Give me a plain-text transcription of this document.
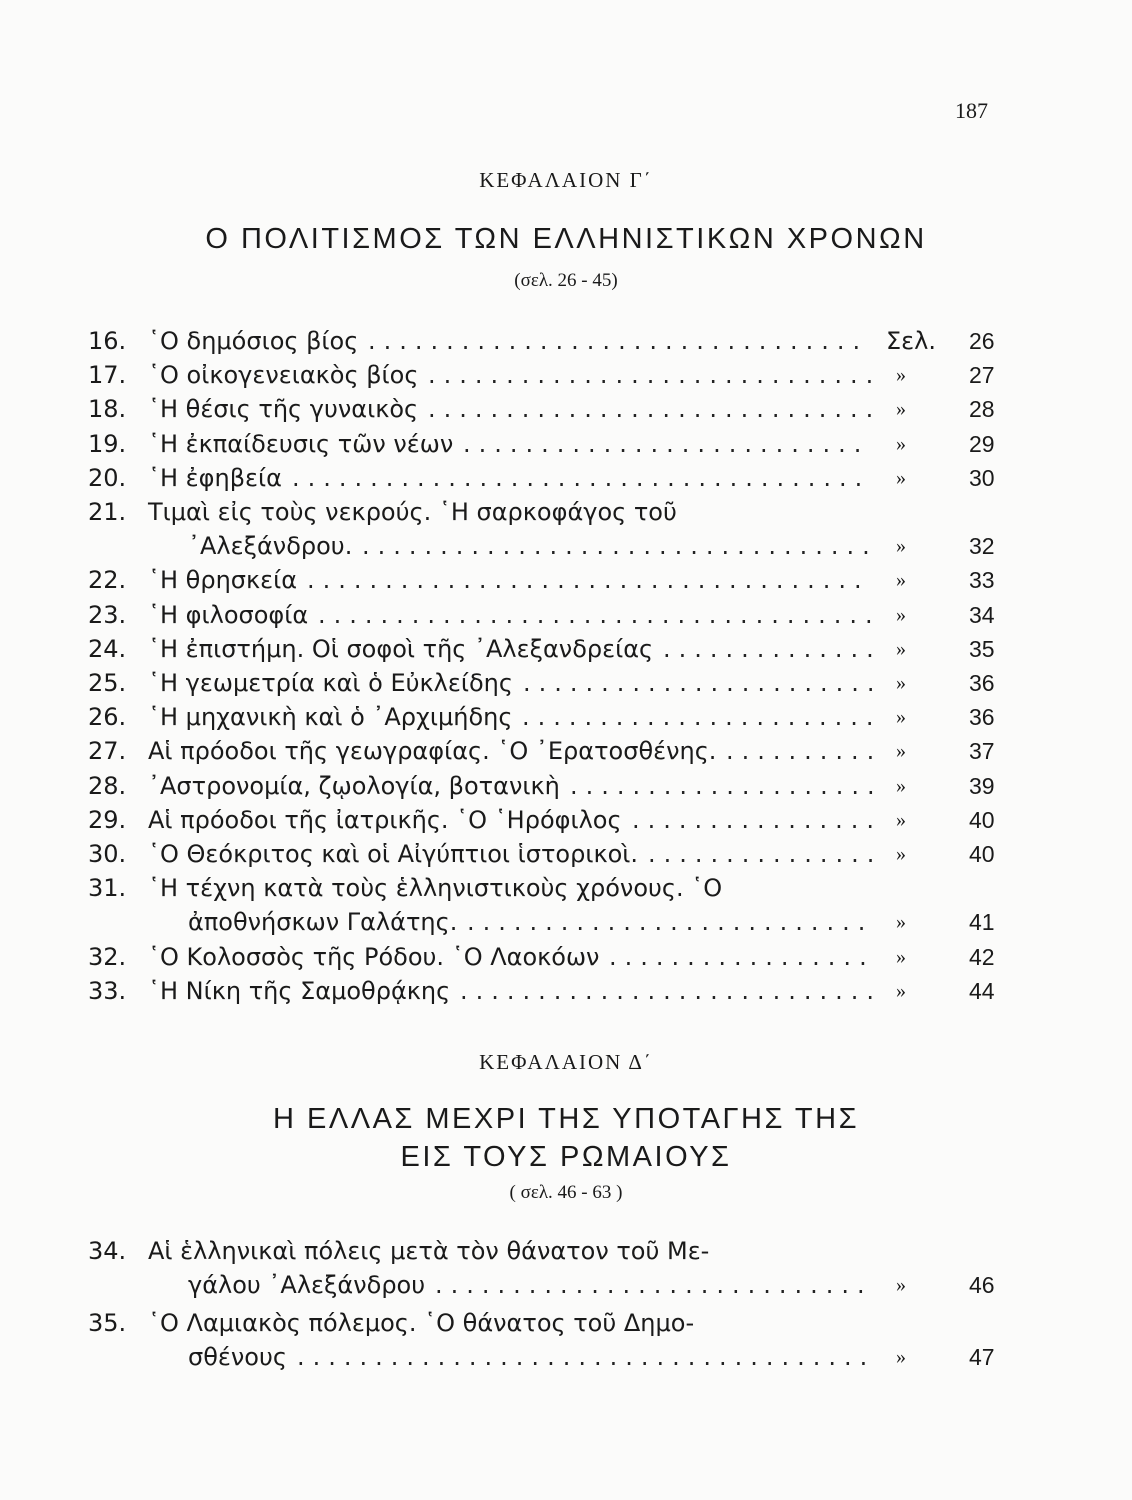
187
ΚΕΦΑΛΑΙΟΝ Γ΄
Ο ΠΟΛΙΤΙΣΜΟΣ ΤΩΝ ΕΛΛΗΝΙΣΤΙΚΩΝ ΧΡΟΝΩΝ
(σελ. 26 - 45)
16. ῾Ο δημόσιος βίος ................................ Σελ. 26
17. ῾Ο οἰκογενειακὸς βίος ............................. »	27
18. ῾Η θέσις τῆς γυναικὸς ............................. »	28
19. ῾Η ἐκπαίδευσις τῶν νέων .......................... »	29
20. ῾Η ἐφηβεία ..................................... »	30
21. Τιμαὶ εἰς τοὺς νεκρούς. ῾Η σαρκοφάγος τοῦ
᾿Αλεξάνδρου. ................................. »	32
22. ῾Η θρησκεία .................................... »	33
23. ῾Η φιλοσοφία .................................... »	34
24. ῾Η ἐπιστήμη. Οἱ σοφοὶ τῆς ᾿Αλεξανδρείας .............. »	35
25. ῾Η γεωμετρία καὶ ὁ Εὐκλείδης ....................... »	36
26. ῾Η μηχανικὴ καὶ ὁ ᾿Αρχιμήδης ....................... »	36
27. Αἱ πρόοδοι τῆς γεωγραφίας. ῾Ο ᾿Ερατοσθένης. .......... »	37
28. ᾿Αστρονομία, ζῳολογία, βοτανικὴ .................... »	39
29. Αἱ πρόοδοι τῆς ἰατρικῆς. ῾Ο ῾Ηρόφιλος ................ »	40
30. ῾Ο Θεόκριτος καὶ οἱ Αἰγύπτιοι ἱστορικοὶ. ............... »	40
31. ῾Η τέχνη κατὰ τοὺς ἑλληνιστικοὺς χρόνους. ῾Ο
ἀποθνήσκων Γαλάτης. .......................... »	41
32. ῾Ο Κολοσσὸς τῆς Ρόδου. ῾Ο Λαοκόων ................. »	42
33. ῾Η Νίκη τῆς Σαμοθρᾴκης ........................... »	44
ΚΕΦΑΛΑΙΟΝ Δ΄
Η ΕΛΛΑΣ ΜΕΧΡΙ ΤΗΣ ΥΠΟΤΑΓΗΣ ΤΗΣ
ΕΙΣ ΤΟΥΣ ΡΩΜΑΙΟΥΣ
( σελ. 46 - 63 )
34. Αἱ ἑλληνικαὶ πόλεις μετὰ τὸν θάνατον τοῦ Με-
γάλου ᾿Αλεξάνδρου ............................ »	46
35. ῾Ο Λαμιακὸς πόλεμος. ῾Ο θάνατος τοῦ Δημο-
σθένους ..................................... »	47
